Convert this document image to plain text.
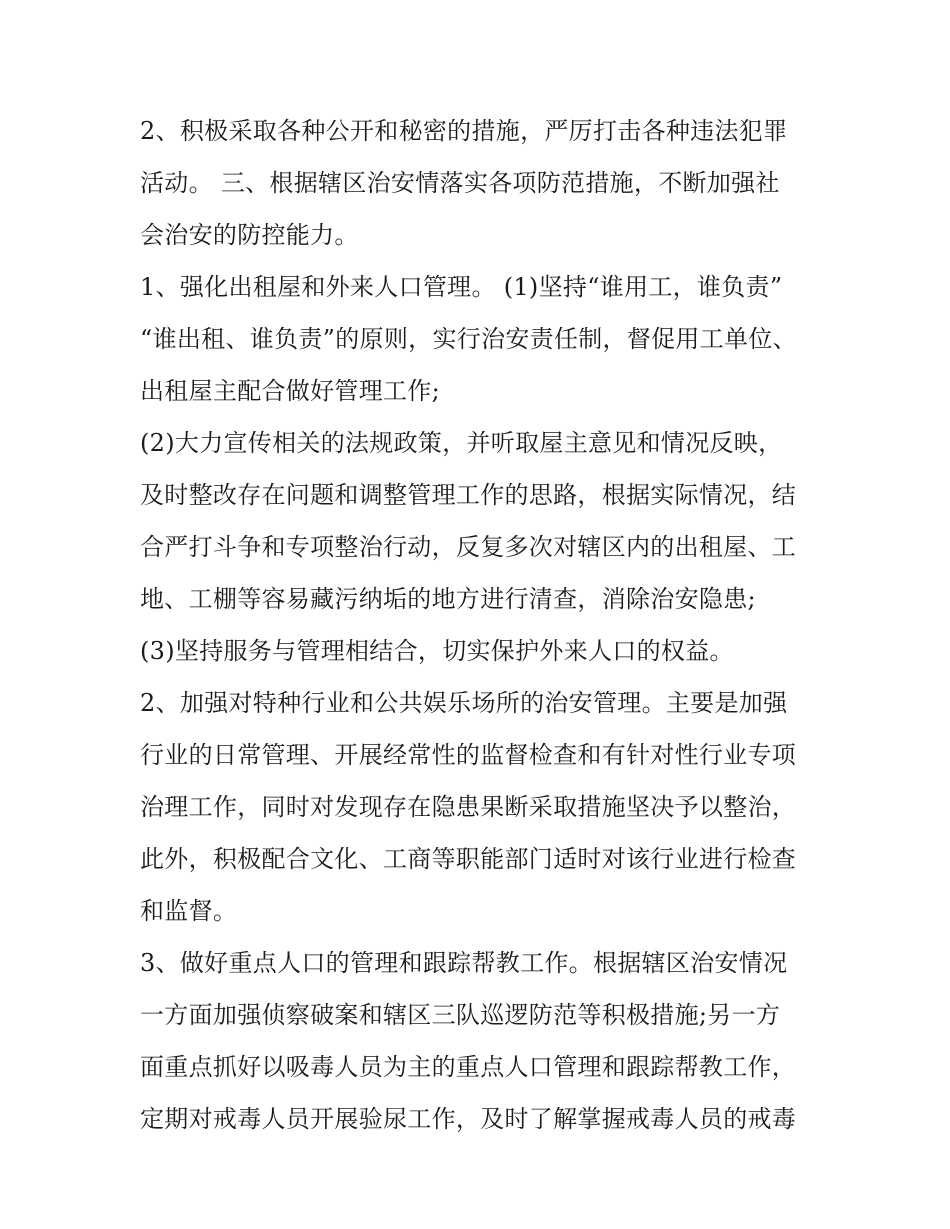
2、积极采取各种公开和秘密的措施，严厉打击各种违法犯罪
活动。 三、根据辖区治安情落实各项防范措施，不断加强社
会治安的防控能力。
1、强化出租屋和外来人口管理。 (1)坚持“谁用工，谁负责”
“谁出租、谁负责”的原则，实行治安责任制，督促用工单位、
出租屋主配合做好管理工作;
(2)大力宣传相关的法规政策，并听取屋主意见和情况反映，
及时整改存在问题和调整管理工作的思路，根据实际情况，结
合严打斗争和专项整治行动，反复多次对辖区内的出租屋、工
地、工棚等容易藏污纳垢的地方进行清查，消除治安隐患;
(3)坚持服务与管理相结合，切实保护外来人口的权益。
2、加强对特种行业和公共娱乐场所的治安管理。主要是加强
行业的日常管理、开展经常性的监督检查和有针对性行业专项
治理工作，同时对发现存在隐患果断采取措施坚决予以整治，
此外，积极配合文化、工商等职能部门适时对该行业进行检查
和监督。
3、做好重点人口的管理和跟踪帮教工作。根据辖区治安情况
一方面加强侦察破案和辖区三队巡逻防范等积极措施;另一方
面重点抓好以吸毒人员为主的重点人口管理和跟踪帮教工作，
定期对戒毒人员开展验尿工作，及时了解掌握戒毒人员的戒毒
